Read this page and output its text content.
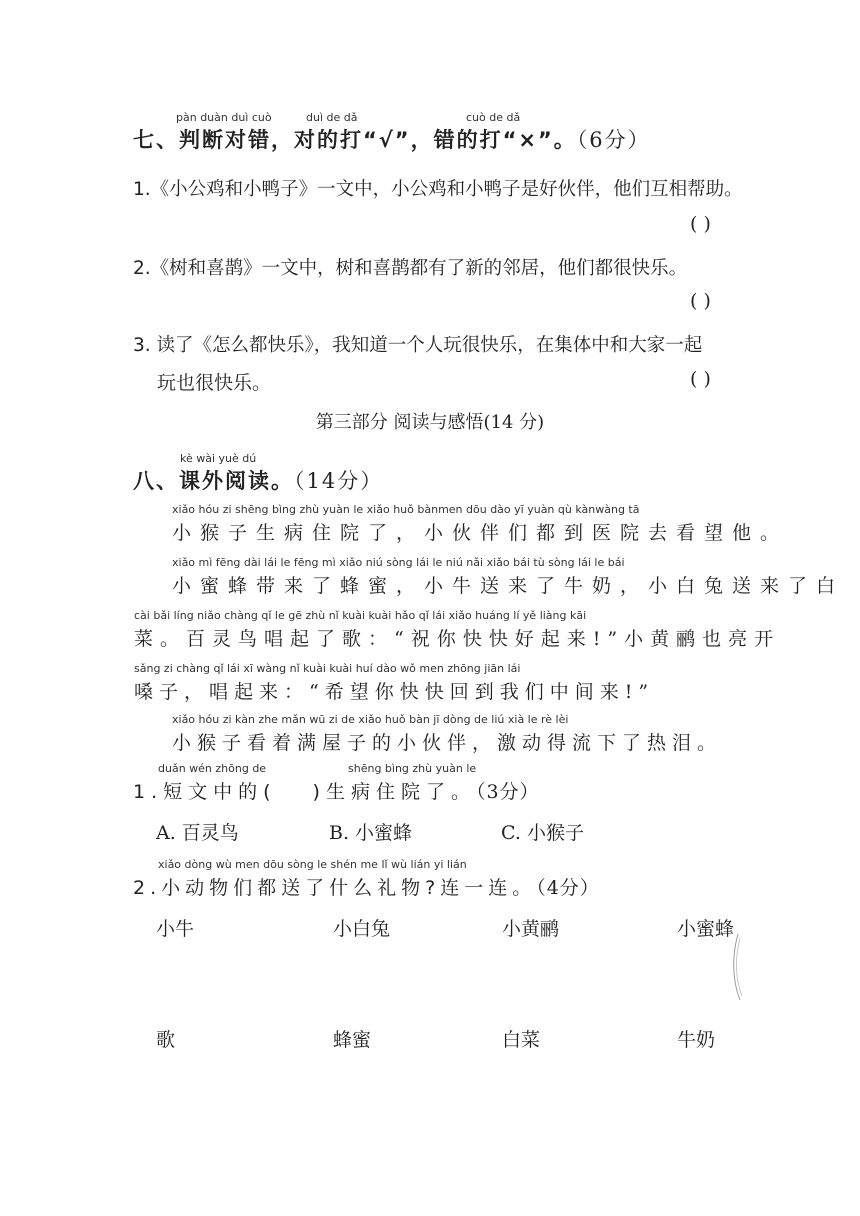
pàn duàn duì cuò	duì de dǎ	cuò de dǎ
七、判断对错，对的打“√”，错的打“×”。（6分）
1.《小公鸡和小鸭子》一文中，小公鸡和小鸭子是好伙伴，他们互相帮助。
( )
2.《树和喜鹊》一文中，树和喜鹊都有了新的邻居，他们都很快乐。
( )
3. 读了《怎么都快乐》，我知道一个人玩很快乐，在集体中和大家一起
玩也很快乐。	( )
第三部分 阅读与感悟(14 分)
kè wài yuè dú
八、课外阅读。（14分）
xiǎo hóu zi shēng bìng zhù yuàn le xiǎo huǒ bànmen dōu dào yī yuàn qù kànwàng tā
小猴子生病住院了，小伙伴们都到医院去看望他。
xiǎo mì fēng dài lái le fēng mì xiǎo niú sòng lái le niú nǎi xiǎo bái tù sòng lái le bái
小蜜蜂带来了蜂蜜，小牛送来了牛奶，小白兔送来了白
cài bǎi líng niǎo chàng qǐ le gē zhù nǐ kuài kuài hǎo qǐ lái xiǎo huáng lí yě liàng kāi
菜。百灵鸟唱起了歌：“祝你快快好起来!”小黄鹂也亮开
sǎng zi chàng qǐ lái xī wàng nǐ kuài kuài huí dào wǒ men zhōng jiān lái
嗓子，唱起来：“希望你快快回到我们中间来!”
xiǎo hóu zi kàn zhe mǎn wū zi de xiǎo huǒ bàn jī dòng de liú xià le rè lèi
小猴子看着满屋子的小伙伴，激动得流下了热泪。
duǎn wén zhōng de	shēng bìng zhù yuàn le
1.短文中的( )生病住院了。（3分）
A. 百灵鸟	B. 小蜜蜂	C. 小猴子
xiǎo dòng wù men dōu sòng le shén me lǐ wù lián yi lián
2.小动物们都送了什么礼物?连一连。（4分）
小牛	小白兔	小黄鹂	小蜜蜂
歌	蜂蜜	白菜	牛奶
